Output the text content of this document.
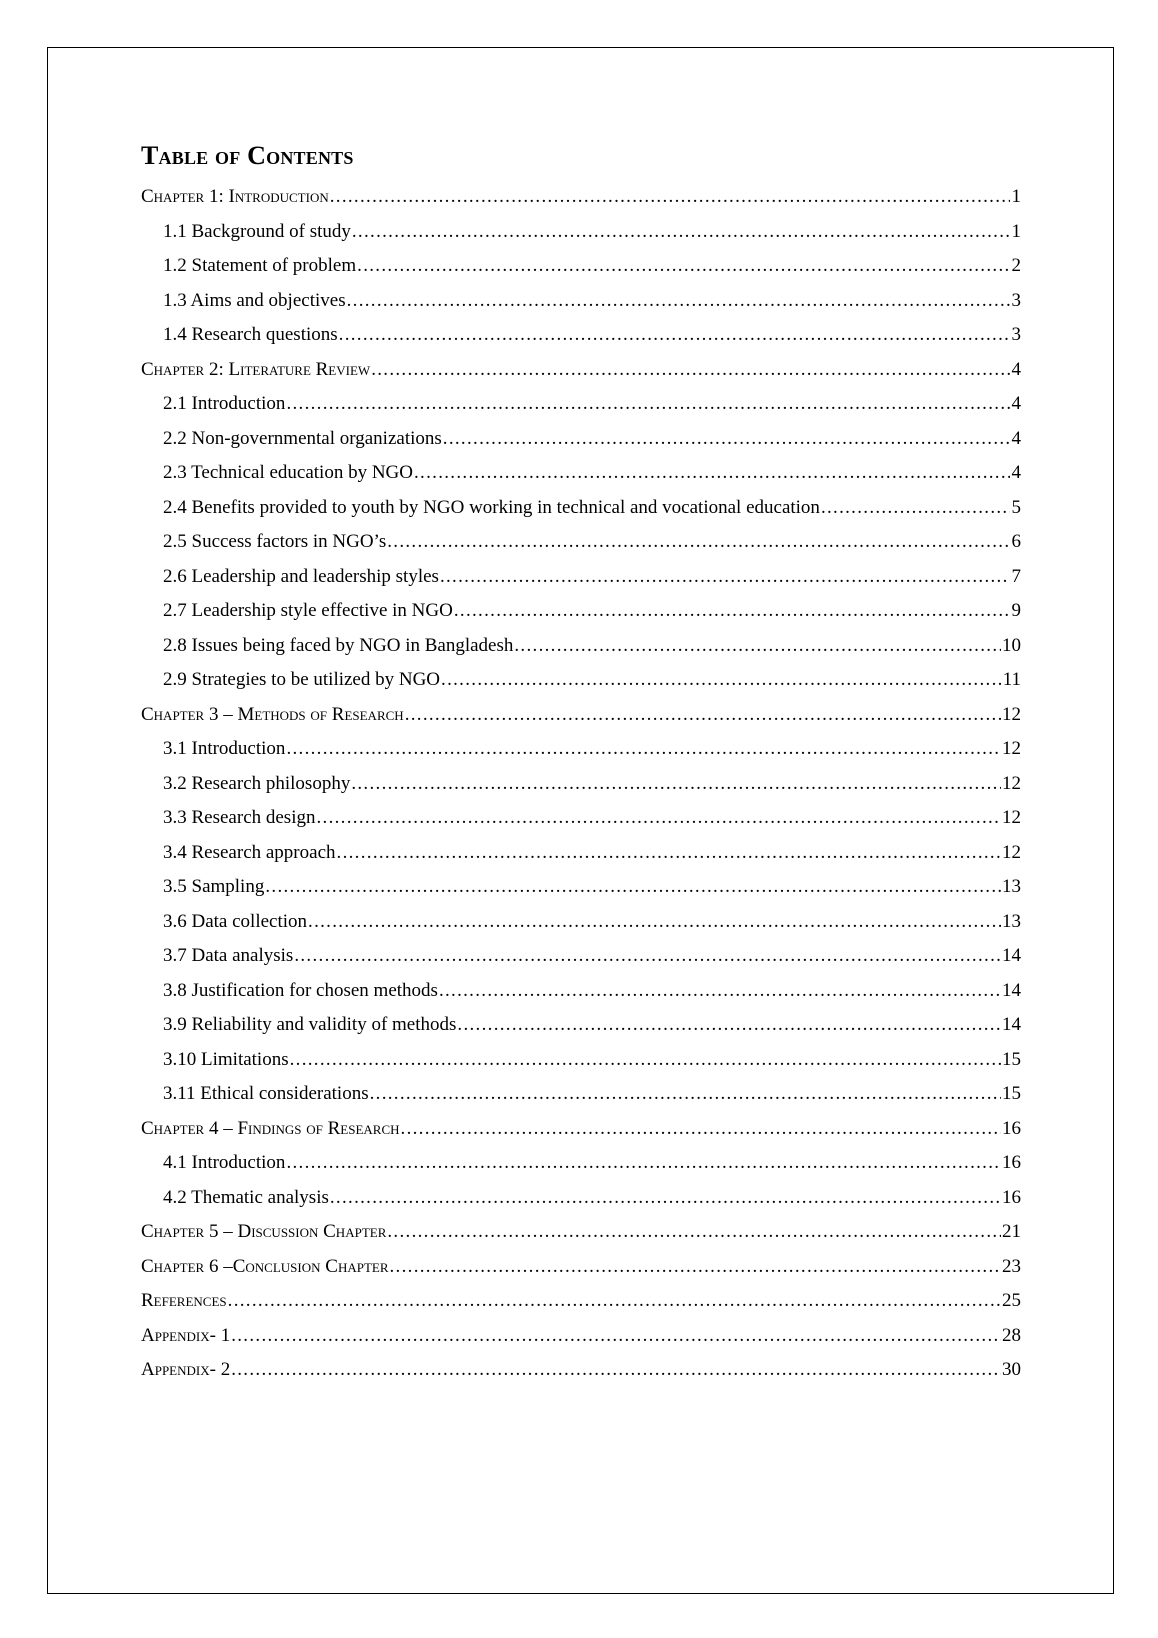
Table of Contents
Chapter 1: Introduction .....	1
1.1 Background of study .....	1
1.2 Statement of problem .....	2
1.3 Aims and objectives .....	3
1.4 Research questions .....	3
Chapter 2: Literature Review .....	4
2.1 Introduction .....	4
2.2 Non-governmental organizations .....	4
2.3 Technical education by NGO .....	4
2.4 Benefits provided to youth by NGO working in technical and vocational education .....	5
2.5 Success factors in NGO’s .....	6
2.6 Leadership and leadership styles .....	7
2.7 Leadership style effective in NGO .....	9
2.8 Issues being faced by NGO in Bangladesh .....	10
2.9 Strategies to be utilized by NGO .....	11
Chapter 3 – Methods of Research .....	12
3.1 Introduction .....	12
3.2 Research philosophy .....	12
3.3 Research design .....	12
3.4 Research approach .....	12
3.5 Sampling .....	13
3.6 Data collection .....	13
3.7 Data analysis .....	14
3.8 Justification for chosen methods .....	14
3.9 Reliability and validity of methods .....	14
3.10 Limitations .....	15
3.11 Ethical considerations .....	15
Chapter 4 – Findings of Research .....	16
4.1 Introduction .....	16
4.2 Thematic analysis .....	16
Chapter 5 – Discussion Chapter .....	21
Chapter 6 –Conclusion Chapter .....	23
References .....	25
Appendix- 1 .....	28
Appendix- 2 .....	30
